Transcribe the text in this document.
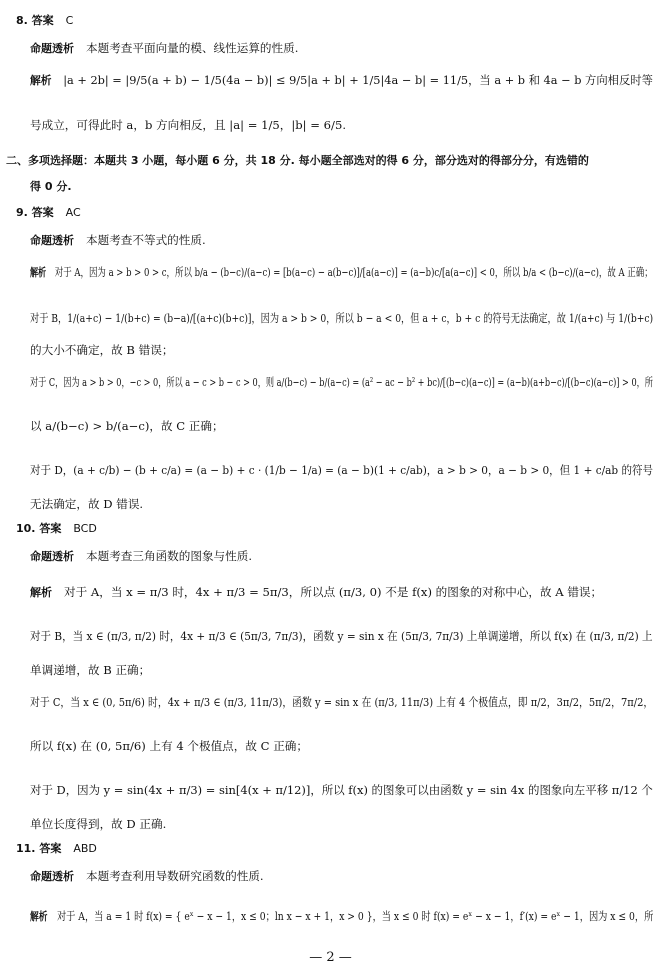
8. 答案 C
命题透析 本题考查平面向量的模、线性运算的性质.
解析 |a + 2b| = |9/5(a + b) − 1/5(4a − b)| ≤ 9/5|a + b| + 1/5|4a − b| = 11/5，当 a + b 和 4a − b 方向相反时等
号成立，可得此时 a，b 方向相反，且 |a| = 1/5，|b| = 6/5.
二、多项选择题：本题共 3 小题，每小题 6 分，共 18 分. 每小题全部选对的得 6 分，部分选对的得部分分，有选错的
得 0 分.
9. 答案 AC
命题透析 本题考查不等式的性质.
解析 对于 A，因为 a > b > 0 > c，所以 b/a − (b−c)/(a−c) = [b(a−c) − a(b−c)]/[a(a−c)] = (a−b)c/[a(a−c)] < 0，所以 b/a < (b−c)/(a−c)，故 A 正确；
对于 B，1/(a+c) − 1/(b+c) = (b−a)/[(a+c)(b+c)]，因为 a > b > 0，所以 b − a < 0，但 a + c，b + c 的符号无法确定，故 1/(a+c) 与 1/(b+c)
的大小不确定，故 B 错误；
对于 C，因为 a > b > 0，−c > 0，所以 a − c > b − c > 0，则 a/(b−c) − b/(a−c) = (a² − ac − b² + bc)/[(b−c)(a−c)] = (a−b)(a+b−c)/[(b−c)(a−c)] > 0，所
以 a/(b−c) > b/(a−c)，故 C 正确；
对于 D，(a + c/b) − (b + c/a) = (a − b) + c · (1/b − 1/a) = (a − b)(1 + c/ab)，a > b > 0，a − b > 0，但 1 + c/ab 的符号
无法确定，故 D 错误.
10. 答案 BCD
命题透析 本题考查三角函数的图象与性质.
解析 对于 A，当 x = π/3 时，4x + π/3 = 5π/3，所以点 (π/3, 0) 不是 f(x) 的图象的对称中心，故 A 错误；
对于 B，当 x ∈ (π/3, π/2) 时，4x + π/3 ∈ (5π/3, 7π/3)，函数 y = sin x 在 (5π/3, 7π/3) 上单调递增，所以 f(x) 在 (π/3, π/2) 上
单调递增，故 B 正确；
对于 C，当 x ∈ (0, 5π/6) 时，4x + π/3 ∈ (π/3, 11π/3)，函数 y = sin x 在 (π/3, 11π/3) 上有 4 个极值点，即 π/2，3π/2，5π/2，7π/2，
所以 f(x) 在 (0, 5π/6) 上有 4 个极值点，故 C 正确；
对于 D，因为 y = sin(4x + π/3) = sin[4(x + π/12)]，所以 f(x) 的图象可以由函数 y = sin 4x 的图象向左平移 π/12 个
单位长度得到，故 D 正确.
11. 答案 ABD
命题透析 本题考查利用导数研究函数的性质.
解析 对于 A，当 a = 1 时 f(x) = { eˣ − x − 1，x ≤ 0；ln x − x + 1，x > 0 }，当 x ≤ 0 时 f(x) = eˣ − x − 1，f′(x) = eˣ − 1，因为 x ≤ 0，所
— 2 —
